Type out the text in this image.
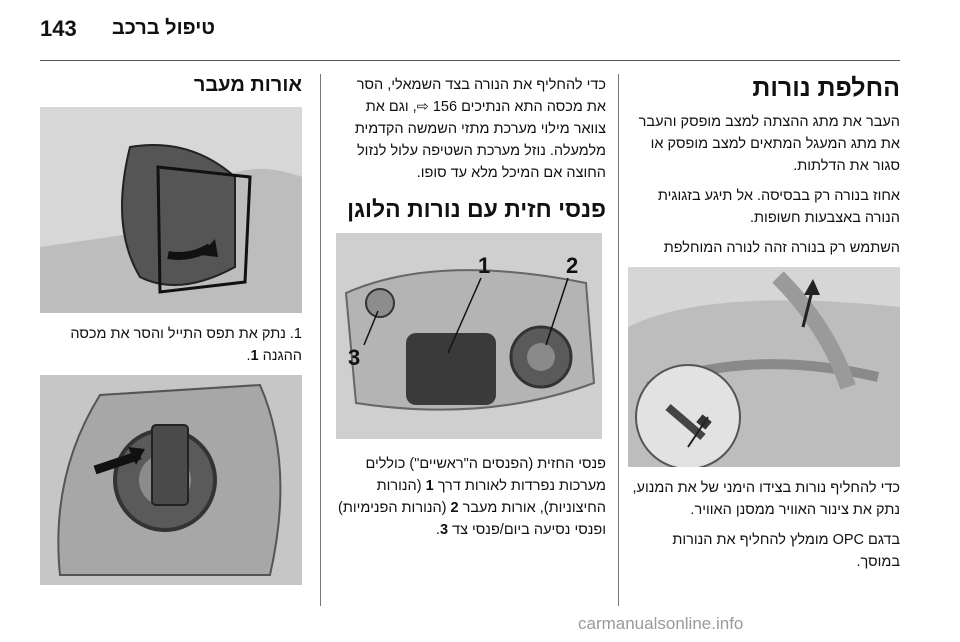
143 טיפול ברכב
החלפת נורות

העבר את מתג ההצתה למצב מופסק והעבר את מתג המעגל המתאים למצב מופסק או סגור את הדלתות.

אחוז בנורה רק בבסיסה. אל תיגע בזגוגית הנורה באצבעות חשופות.

השתמש רק בנורה זהה לנורה המוחלפת

כדי להחליף נורות בצידו הימני של את המנוע, נתק את צינור האוויר ממסנן האוויר.

בדגם OPC מומלץ להחליף את הנורות במוסך.

כדי להחליף את הנורה בצד השמאלי, הסר את מכסה התא הנתיכים 156 ⇨, וגם את צוואר מילוי מערכת מתזי השמשה הקדמית מלמעלה. נוזל מערכת השטיפה עלול לנזול החוצה אם המיכל מלא עד סופו.

פנסי חזית עם נורות הלוגן
1	2
3

פנסי החזית (הפנסים ה"ראשיים") כוללים מערכות נפרדות לאורות דרך 1 (הנורות החיצוניות), אורות מעבר 2 (הנורות הפנימיות) ופנסי נסיעה ביום/פנסי צד 3.

אורות מעבר

1. נתק את תפס התייל והסר את מכסה ההגנה 1.

carmanualsonline.info
